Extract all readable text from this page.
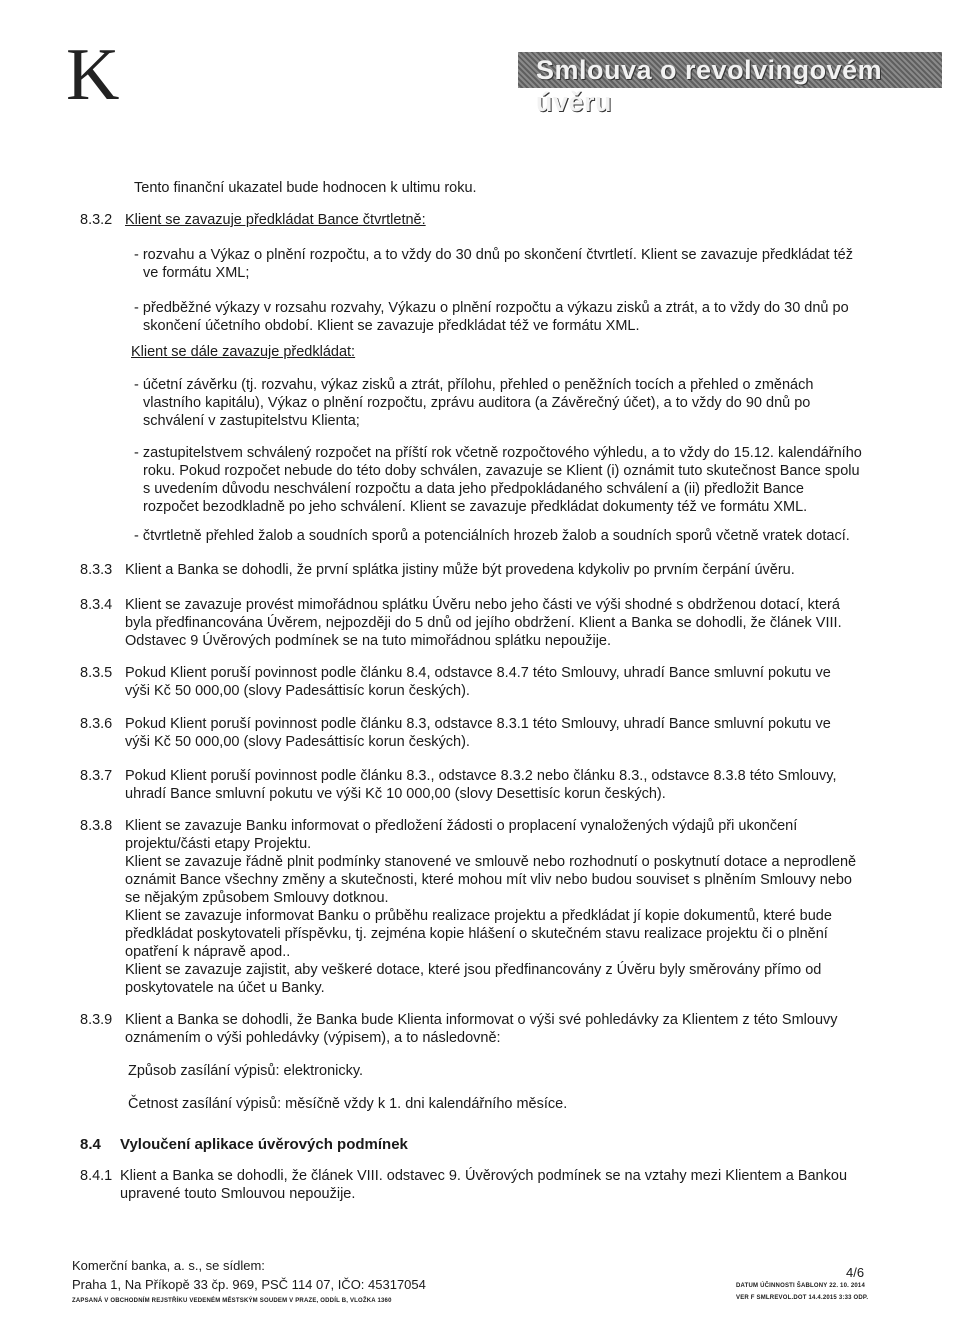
K	Smlouva o revolvingovém úvěru
Tento finanční ukazatel bude hodnocen k ultimu roku.
8.3.2 Klient se zavazuje předkládat Bance čtvrtletně:
- rozvahu a Výkaz o plnění rozpočtu, a to vždy do 30 dnů po skončení čtvrtletí. Klient se zavazuje předkládat též
ve formátu XML;
- předběžné výkazy v rozsahu rozvahy, Výkazu o plnění rozpočtu a výkazu zisků a ztrát, a to vždy do 30 dnů po
skončení účetního období. Klient se zavazuje předkládat též ve formátu XML.
Klient se dále zavazuje předkládat:
- účetní závěrku (tj. rozvahu, výkaz zisků a ztrát, přílohu, přehled o peněžních tocích a přehled o změnách
vlastního kapitálu), Výkaz o plnění rozpočtu, zprávu auditora (a Závěrečný účet), a to vždy do 90 dnů po
schválení v zastupitelstvu Klienta;
- zastupitelstvem schválený rozpočet na příští rok včetně rozpočtového výhledu, a to vždy do 15.12. kalendářního
roku. Pokud rozpočet nebude do této doby schválen, zavazuje se Klient (i) oznámit tuto skutečnost Bance spolu
s uvedením důvodu neschválení rozpočtu a data jeho předpokládaného schválení a (ii) předložit Bance
rozpočet bezodkladně po jeho schválení. Klient se zavazuje předkládat dokumenty též ve formátu XML.
- čtvrtletně přehled žalob a soudních sporů a potenciálních hrozeb žalob a soudních sporů včetně vratek dotací.
8.3.3 Klient a Banka se dohodli, že první splátka jistiny může být provedena kdykoliv po prvním čerpání úvěru.
8.3.4 Klient se zavazuje provést mimořádnou splátku Úvěru nebo jeho části ve výši shodné s obdrženou dotací, která
byla předfinancována Úvěrem, nejpozději do 5 dnů od jejího obdržení. Klient a Banka se dohodli, že článek VIII.
Odstavec 9 Úvěrových podmínek se na tuto mimořádnou splátku nepoužije.
8.3.5 Pokud Klient poruší povinnost podle článku 8.4, odstavce 8.4.7 této Smlouvy, uhradí Bance smluvní pokutu ve
výši Kč 50 000,00 (slovy Padesáttisíc korun českých).
8.3.6 Pokud Klient poruší povinnost podle článku 8.3, odstavce 8.3.1 této Smlouvy, uhradí Bance smluvní pokutu ve
výši Kč 50 000,00 (slovy Padesáttisíc korun českých).
8.3.7 Pokud Klient poruší povinnost podle článku 8.3., odstavce 8.3.2 nebo článku 8.3., odstavce 8.3.8 této Smlouvy,
uhradí Bance smluvní pokutu ve výši Kč 10 000,00 (slovy Desettisíc korun českých).
8.3.8 Klient se zavazuje Banku informovat o předložení žádosti o proplacení vynaložených výdajů při ukončení
projektu/části etapy Projektu.
Klient se zavazuje řádně plnit podmínky stanovené ve smlouvě nebo rozhodnutí o poskytnutí dotace a neprodleně
oznámit Bance všechny změny a skutečnosti, které mohou mít vliv nebo budou souviset s plněním Smlouvy nebo
se nějakým způsobem Smlouvy dotknou.
Klient se zavazuje informovat Banku o průběhu realizace projektu a předkládat jí kopie dokumentů, které bude
předkládat poskytovateli příspěvku, tj. zejména kopie hlášení o skutečném stavu realizace projektu či o plnění
opatření k nápravě apod..
Klient se zavazuje zajistit, aby veškeré dotace, které jsou předfinancovány z Úvěru byly směrovány přímo od
poskytovatele na účet u Banky.
8.3.9 Klient a Banka se dohodli, že Banka bude Klienta informovat o výši své pohledávky za Klientem z této Smlouvy
oznámením o výši pohledávky (výpisem), a to následovně:
Způsob zasílání výpisů: elektronicky.
Četnost zasílání výpisů: měsíčně vždy k 1. dni kalendářního měsíce.
8.4 Vyloučení aplikace úvěrových podmínek
8.4.1 Klient a Banka se dohodli, že článek VIII. odstavec 9. Úvěrových podmínek se na vztahy mezi Klientem a Bankou
upravené touto Smlouvou nepoužije.
Komerční banka, a. s., se sídlem:
Praha 1, Na Příkopě 33 čp. 969, PSČ 114 07, IČO: 45317054
ZAPSANÁ V OBCHODNÍM REJSTŘÍKU VEDENÉM MĚSTSKÝM SOUDEM V PRAZE, ODDÍL B, VLOŽKA 1360
4/6
DATUM ÚČINNOSTI ŠABLONY 22. 10. 2014
VER F SMLREVOL.DOT 14.4.2015 3:33 ODP.
